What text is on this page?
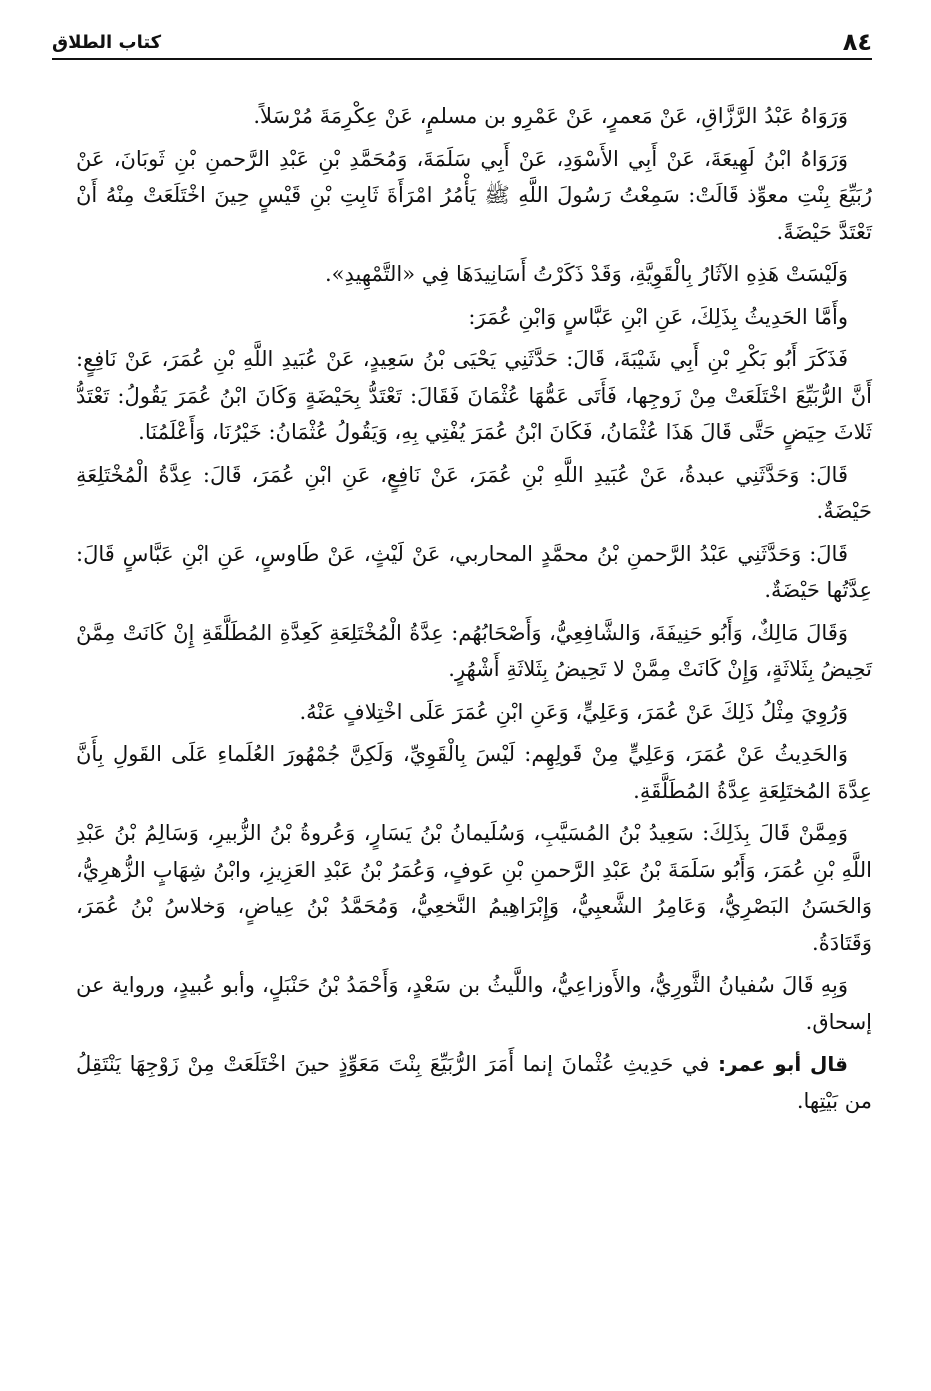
٨٤
كتاب الطلاق

وَرَوَاهُ عَبْدُ الرَّزَّاقِ، عَنْ مَعمرٍ، عَنْ عَمْرِو بن مسلمٍ، عَنْ عِكْرِمَةَ مُرْسَلاً.

وَرَوَاهُ ابْنُ لَهِيعَةَ، عَنْ أَبِي الأَسْوَدِ، عَنْ أَبِي سَلَمَةَ، وَمُحَمَّدِ بْنِ عَبْدِ الرَّحمنِ بْنِ ثَوبَانَ، عَنْ رُبَيِّعَ بِنْتِ معوِّذ قَالَتْ: سَمِعْتُ رَسُولَ اللَّهِ ﷺ يَأْمُرُ امْرَأَةَ ثَابِتِ بْنِ قَيْسٍ حِينَ اخْتَلَعَتْ مِنْهُ أَنْ تَعْتَدَّ حَيْضَةً.

وَلَيْسَتْ هَذِهِ الآثَارُ بِالْقَوِيَّةِ، وَقَدْ ذَكَرْتُ أَسَانِيدَهَا فِي «التَّمْهِيدِ».

وأَمَّا الحَدِيثُ بِذَلِكَ، عَنِ ابْنِ عَبَّاسٍ وَابْنِ عُمَرَ:

فَذَكَرَ أَبُو بَكْرِ بْنِ أَبِي شَيْبَةَ، قَالَ: حَدَّثَنِي يَحْيَى بْنُ سَعِيدٍ، عَنْ عُبَيدِ اللَّهِ بْنِ عُمَرَ، عَنْ نَافِعٍ: أَنَّ الرُّبَيِّعَ اخْتَلَعَتْ مِنْ زَوجِها، فَأَتَى عَمُّهَا عُثْمَانَ فَقَالَ: تَعْتَدُّ بِحَيْضَةٍ وَكَانَ ابْنُ عُمَرَ يَقُولُ: تَعْتَدُّ ثَلاثَ حِيَضٍ حَتَّى قَالَ هَذَا عُثْمَانُ، فَكَانَ ابْنُ عُمَرَ يُفْتِي بِهِ، وَيَقُولُ عُثْمَانُ: خَيْرُنَا، وَأَعْلَمُنَا.

قَالَ: وَحَدَّثَنِي عبدةُ، عَنْ عُبَيدِ اللَّهِ بْنِ عُمَرَ، عَنْ نَافِعٍ، عَنِ ابْنِ عُمَرَ، قَالَ: عِدَّةُ الْمُخْتَلِعَةِ حَيْضَةٌ.

قَالَ: وَحَدَّثَنِي عَبْدُ الرَّحمنِ بْنُ محمَّدٍ المحاربي، عَنْ لَيْثٍ، عَنْ طَاوسٍ، عَنِ ابْنِ عَبَّاسٍ قَالَ: عِدَّتُها حَيْضَةٌ.

وَقَالَ مَالِكٌ، وَأَبُو حَنِيفَةَ، وَالشَّافِعِيُّ، وَأَصْحَابُهُم: عِدَّةُ الْمُخْتَلِعَةِ كَعِدَّةِ المُطَلَّقَةِ إِنْ كَانَتْ مِمَّنْ تَحِيضُ بِثَلاثَةٍ، وَإِنْ كَانَتْ مِمَّنْ لا تَحِيضُ بِثَلاثَةِ أَشْهُرٍ.

وَرُوِيَ مِثْلُ ذَلِكَ عَنْ عُمَرَ، وَعَلِيٍّ، وَعَنِ ابْنِ عُمَرَ عَلَى اخْتِلافٍ عَنْهُ.

وَالحَدِيثُ عَنْ عُمَرَ، وَعَلِيٍّ مِنْ قَولِهِم: لَيْسَ بِالْقَوِيِّ، وَلَكِنَّ جُمْهُورَ العُلَماءِ عَلَى القَولِ بِأَنَّ عِدَّةَ المُختَلِعَةِ عِدَّةُ المُطَلَّقَةِ.

وَمِمَّنْ قَالَ بِذَلِكَ: سَعِيدُ بْنُ المُسَيَّبِ، وَسُلَيمانُ بْنُ يَسَارٍ، وَعُروةُ بْنُ الزُّبيرِ، وَسَالِمُ بْنُ عَبْدِ اللَّهِ بْنِ عُمَرَ، وَأَبُو سَلَمَةَ بْنُ عَبْدِ الرَّحمنِ بْنِ عَوفٍ، وَعُمَرُ بْنُ عَبْدِ العَزِيزِ، وابْنُ شِهَابٍ الزُّهرِيُّ، وَالحَسَنُ البَصْرِيُّ، وَعَامِرُ الشَّعبِيُّ، وَإِبْرَاهِيمُ النَّخعِيُّ، وَمُحَمَّدُ بْنُ عِياضٍ، وَخلاسُ بْنُ عُمَرَ، وَقَتَادَةُ.

وَبِهِ قَالَ سُفيانُ الثَّورِيُّ، والأَوزاعِيُّ، واللَّيثُ بن سَعْدٍ، وَأَحْمَدُ بْنُ حَنْبَلٍ، وأبو عُبيدٍ، ورواية عن إسحاق.

قال أبو عمر: في حَدِيثِ عُثْمانَ إنما أَمَرَ الرُّبَيِّعَ بِنْتَ مَعَوِّذٍ حينَ اخْتَلَعَتْ مِنْ زَوْجِهَا يَنْتَقِلُ من بَيْتِها.
